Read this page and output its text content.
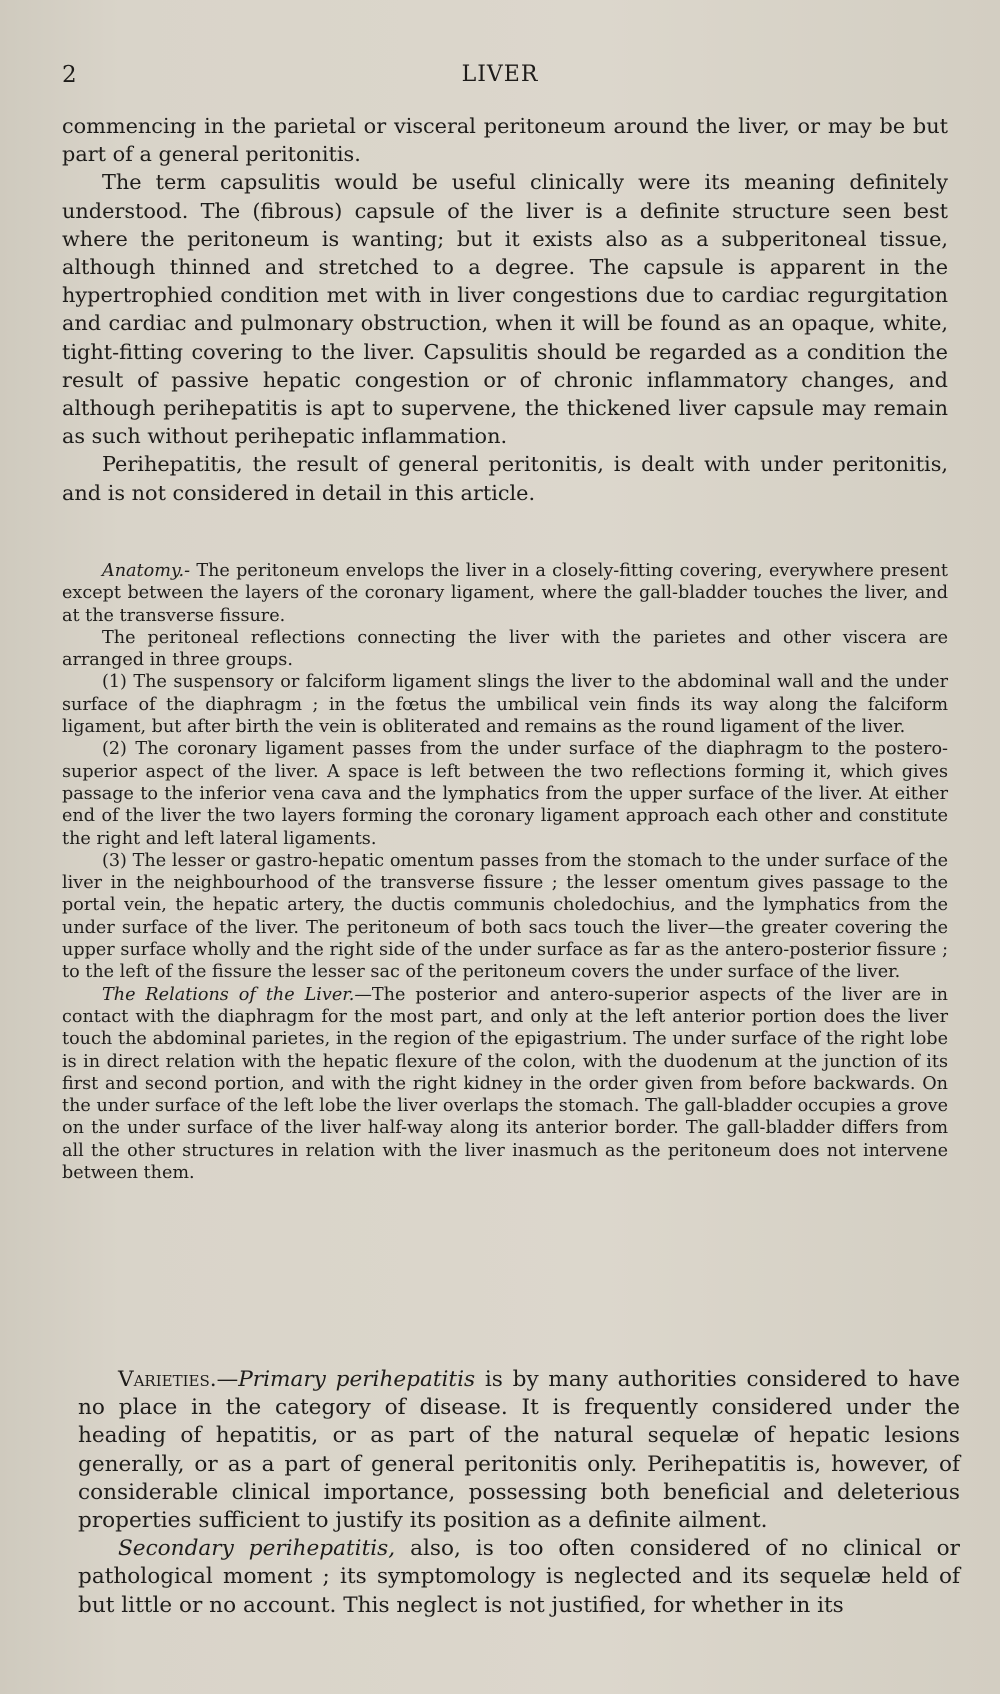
2	LIVER

commencing in the parietal or visceral peritoneum around the liver, or may be but part of a general peritonitis.

The term capsulitis would be useful clinically were its meaning definitely understood. The (fibrous) capsule of the liver is a definite structure seen best where the peritoneum is wanting; but it exists also as a subperitoneal tissue, although thinned and stretched to a degree. The capsule is apparent in the hypertrophied condition met with in liver congestions due to cardiac regurgitation and cardiac and pulmonary obstruction, when it will be found as an opaque, white, tight-fitting covering to the liver. Capsulitis should be regarded as a condition the result of passive hepatic congestion or of chronic inflammatory changes, and although perihepatitis is apt to supervene, the thickened liver capsule may remain as such without perihepatic inflammation.

Perihepatitis, the result of general peritonitis, is dealt with under peritonitis, and is not considered in detail in this article.

Anatomy.- The peritoneum envelops the liver in a closely-fitting covering, everywhere present except between the layers of the coronary ligament, where the gall-bladder touches the liver, and at the transverse fissure.

The peritoneal reflections connecting the liver with the parietes and other viscera are arranged in three groups.

(1) The suspensory or falciform ligament slings the liver to the abdominal wall and the under surface of the diaphragm ; in the fœtus the umbilical vein finds its way along the falciform ligament, but after birth the vein is obliterated and remains as the round ligament of the liver.

(2) The coronary ligament passes from the under surface of the diaphragm to the postero-superior aspect of the liver. A space is left between the two reflections forming it, which gives passage to the inferior vena cava and the lymphatics from the upper surface of the liver. At either end of the liver the two layers forming the coronary ligament approach each other and constitute the right and left lateral ligaments.

(3) The lesser or gastro-hepatic omentum passes from the stomach to the under surface of the liver in the neighbourhood of the transverse fissure ; the lesser omentum gives passage to the portal vein, the hepatic artery, the ductis communis choledochius, and the lymphatics from the under surface of the liver. The peritoneum of both sacs touch the liver—the greater covering the upper surface wholly and the right side of the under surface as far as the antero-posterior fissure ; to the left of the fissure the lesser sac of the peritoneum covers the under surface of the liver.

The Relations of the Liver.—The posterior and antero-superior aspects of the liver are in contact with the diaphragm for the most part, and only at the left anterior portion does the liver touch the abdominal parietes, in the region of the epigastrium. The under surface of the right lobe is in direct relation with the hepatic flexure of the colon, with the duodenum at the junction of its first and second portion, and with the right kidney in the order given from before backwards. On the under surface of the left lobe the liver overlaps the stomach. The gall-bladder occupies a grove on the under surface of the liver half-way along its anterior border. The gall-bladder differs from all the other structures in relation with the liver inasmuch as the peritoneum does not intervene between them.

Varieties.—Primary perihepatitis is by many authorities considered to have no place in the category of disease. It is frequently considered under the heading of hepatitis, or as part of the natural sequelæ of hepatic lesions generally, or as a part of general peritonitis only. Perihepatitis is, however, of considerable clinical importance, possessing both beneficial and deleterious properties sufficient to justify its position as a definite ailment.

Secondary perihepatitis, also, is too often considered of no clinical or pathological moment ; its symptomology is neglected and its sequelæ held of but little or no account. This neglect is not justified, for whether in its
